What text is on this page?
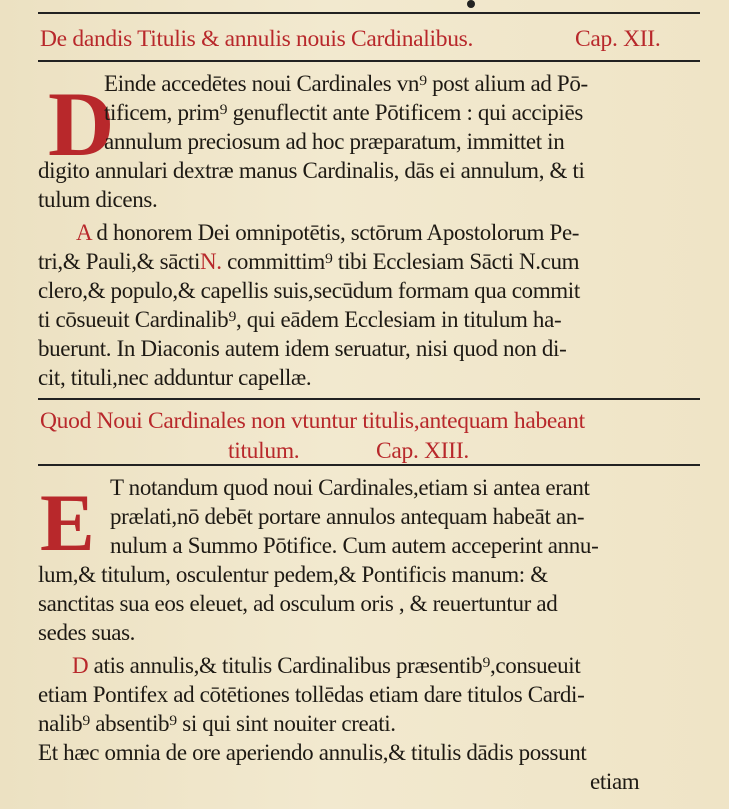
De dandis Titulis & annulis nouis Cardinalibus.	Cap. XII.
D
Einde accedētes noui Cardinales vn⁹ post alium ad Pō-
tificem, prim⁹ genuflectit ante Pōtificem : qui accipiēs
annulum preciosum ad hoc præparatum, immittet in
digito annulari dextræ manus Cardinalis, dās ei annulum, & ti
tulum dicens.
A d honorem Dei omnipotētis, sctōrum Apostolorum Pe-
tri,& Pauli,& sāctiN. committim⁹ tibi Ecclesiam Sācti N.cum
clero,& populo,& capellis suis,secūdum formam qua commit
ti cōsueuit Cardinalib⁹, qui eādem Ecclesiam in titulum ha-
buerunt. In Diaconis autem idem seruatur, nisi quod non di-
cit, tituli,nec adduntur capellæ.
Quod Noui Cardinales non vtuntur titulis,antequam habeant
titulum.	Cap. XIII.
E T notandum quod noui Cardinales,etiam si antea erant
prælati,nō debēt portare annulos antequam habeāt an-
nulum a Summo Pōtifice. Cum autem acceperint annu-
lum,& titulum, osculentur pedem,& Pontificis manum: &
sanctitas sua eos eleuet, ad osculum oris , & reuertuntur ad
sedes suas.
D atis annulis,& titulis Cardinalibus præsentib⁹,consueuit
etiam Pontifex ad cōtētiones tollēdas etiam dare titulos Cardi-
nalib⁹ absentib⁹ si qui sint nouiter creati.
Et hæc omnia de ore aperiendo annulis,& titulis dādis possunt
etiam
